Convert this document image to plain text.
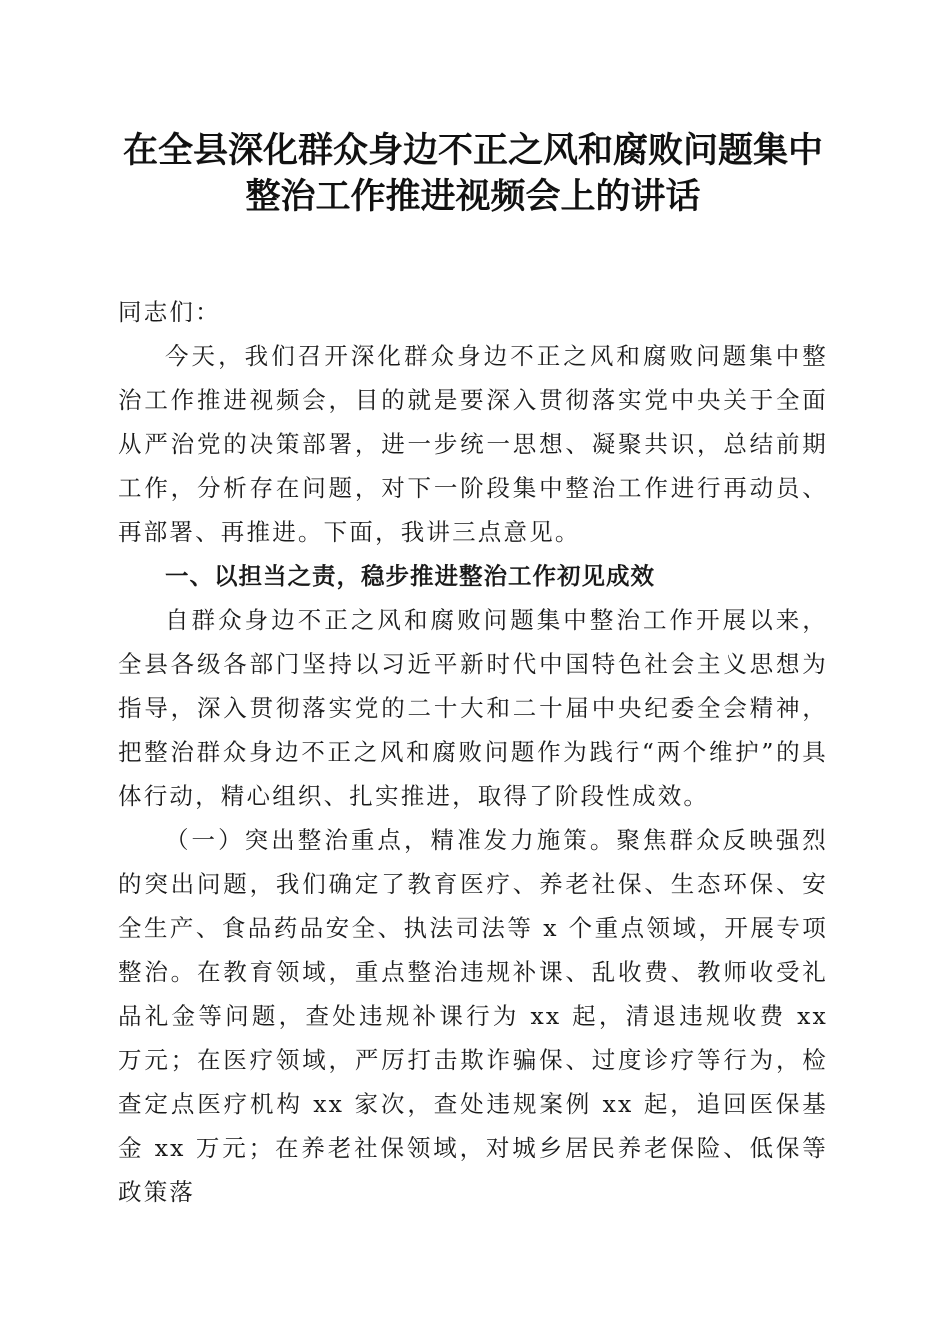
在全县深化群众身边不正之风和腐败问题集中
整治工作推进视频会上的讲话

同志们：

今天，我们召开深化群众身边不正之风和腐败问题集中整治工作推进视频会，目的就是要深入贯彻落实党中央关于全面从严治党的决策部署，进一步统一思想、凝聚共识，总结前期工作，分析存在问题，对下一阶段集中整治工作进行再动员、再部署、再推进。下面，我讲三点意见。

一、以担当之责，稳步推进整治工作初见成效

自群众身边不正之风和腐败问题集中整治工作开展以来，全县各级各部门坚持以习近平新时代中国特色社会主义思想为指导，深入贯彻落实党的二十大和二十届中央纪委全会精神，把整治群众身边不正之风和腐败问题作为践行“两个维护”的具体行动，精心组织、扎实推进，取得了阶段性成效。

（一）突出整治重点，精准发力施策。聚焦群众反映强烈的突出问题，我们确定了教育医疗、养老社保、生态环保、安全生产、食品药品安全、执法司法等 x 个重点领域，开展专项整治。在教育领域，重点整治违规补课、乱收费、教师收受礼品礼金等问题，查处违规补课行为 xx 起，清退违规收费 xx 万元；在医疗领域，严厉打击欺诈骗保、过度诊疗等行为，检查定点医疗机构 xx 家次，查处违规案例 xx 起，追回医保基金 xx 万元；在养老社保领域，对城乡居民养老保险、低保等政策落
